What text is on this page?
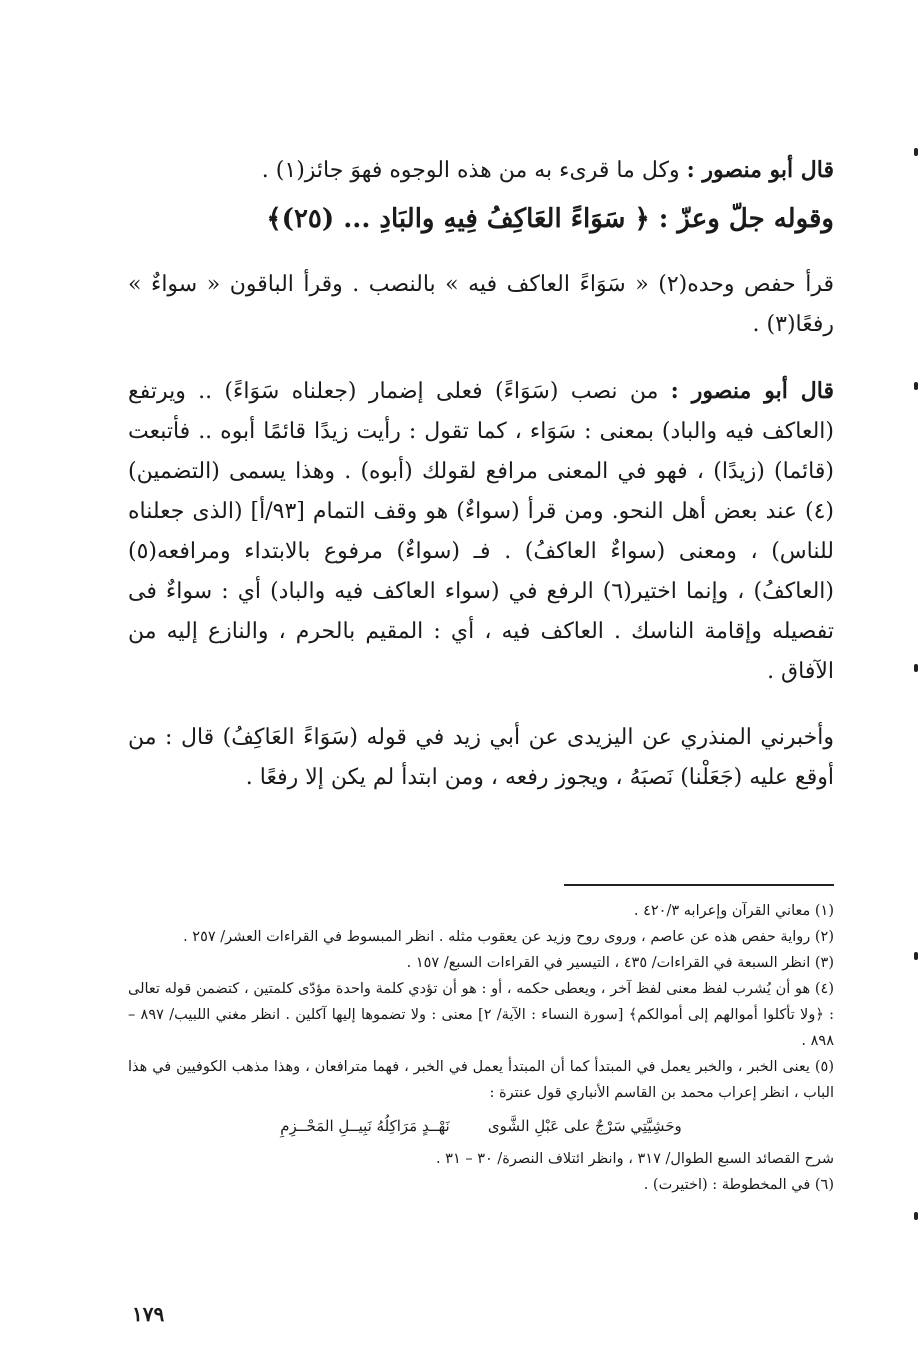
قال أبو منصور : وكل ما قرىء به من هذه الوجوه فهوَ جائز(١) .

وقوله جلّ وعزّ : ﴿ سَوَاءً العَاكِفُ فِيهِ والبَادِ ... (٢٥)﴾

قرأ حفص وحده(٢) « سَوَاءً العاكف فيه » بالنصب . وقرأ الباقون « سواءٌ » رفعًا(٣) .

قال أبو منصور : من نصب (سَوَاءً) فعلى إضمار (جعلناه سَوَاءً) .. ويرتفع (العاكف فيه والباد) بمعنى : سَوَاء ، كما تقول : رأيت زيدًا قائمًا أبوه .. فأتبعت (قائما) (زيدًا) ، فهو في المعنى مرافع لقولك (أبوه) . وهذا يسمى (التضمين)(٤) عند بعض أهل النحو. ومن قرأ (سواءٌ) هو وقف التمام [٩٣/أ] (الذى جعلناه للناس) ، ومعنى (سواءٌ العاكفُ) . فـ (سواءٌ) مرفوع بالابتداء ومرافعه(٥) (العاكفُ) ، وإنما اختير(٦) الرفع في (سواء العاكف فيه والباد) أي : سواءٌ فى تفصيله وإقامة الناسك . العاكف فيه ، أي : المقيم بالحرم ، والنازع إليه من الآفاق .

وأخبرني المنذري عن اليزيدى عن أبي زيد في قوله (سَوَاءً العَاكِفُ) قال : من أوقع عليه (جَعَلْنا) نَصبَهُ ، ويجوز رفعه ، ومن ابتدأ لم يكن إلا رفعًا .

(١) معاني القرآن وإعرابه ٤٢٠/٣ .

(٢) رواية حفص هذه عن عاصم ، وروى روح وزيد عن يعقوب مثله . انظر المبسوط في القراءات العشر/ ٢٥٧ .

(٣) انظر السبعة في القراءات/ ٤٣٥ ، التيسير في القراءات السبع/ ١٥٧ .

(٤) هو أن يُشرب لفظ معنى لفظ آخر ، ويعطى حكمه ، أو : هو أن تؤدي كلمة واحدة مؤدّى كلمتين ، كتضمن قوله تعالى : ﴿ولا تأكلوا أموالهم إلى أموالكم﴾ [سورة النساء : الآية/ ٢] معنى : ولا تضموها إليها آكلين . انظر مغني اللبيب/ ٨٩٧ – ٨٩٨ .

(٥) يعنى الخبر ، والخبر يعمل في المبتدأ كما أن المبتدأ يعمل في الخبر ، فهما مترافعان ، وهذا مذهب الكوفيين في هذا الباب ، انظر إعراب محمد بن القاسم الأنباري قول عنترة :

وحَشِيَّتِي سَرْجٌ على عَبْلِ الشَّوى        نَهْــدٍ مَرَاكِلُهُ نَبِيــلِ المَحْــزِمِ

شرح القصائد السبع الطوال/ ٣١٧ ، وانظر ائتلاف النصرة/ ٣٠ – ٣١ .

(٦) في المخطوطة : (اختيرت) .

١٧٩
